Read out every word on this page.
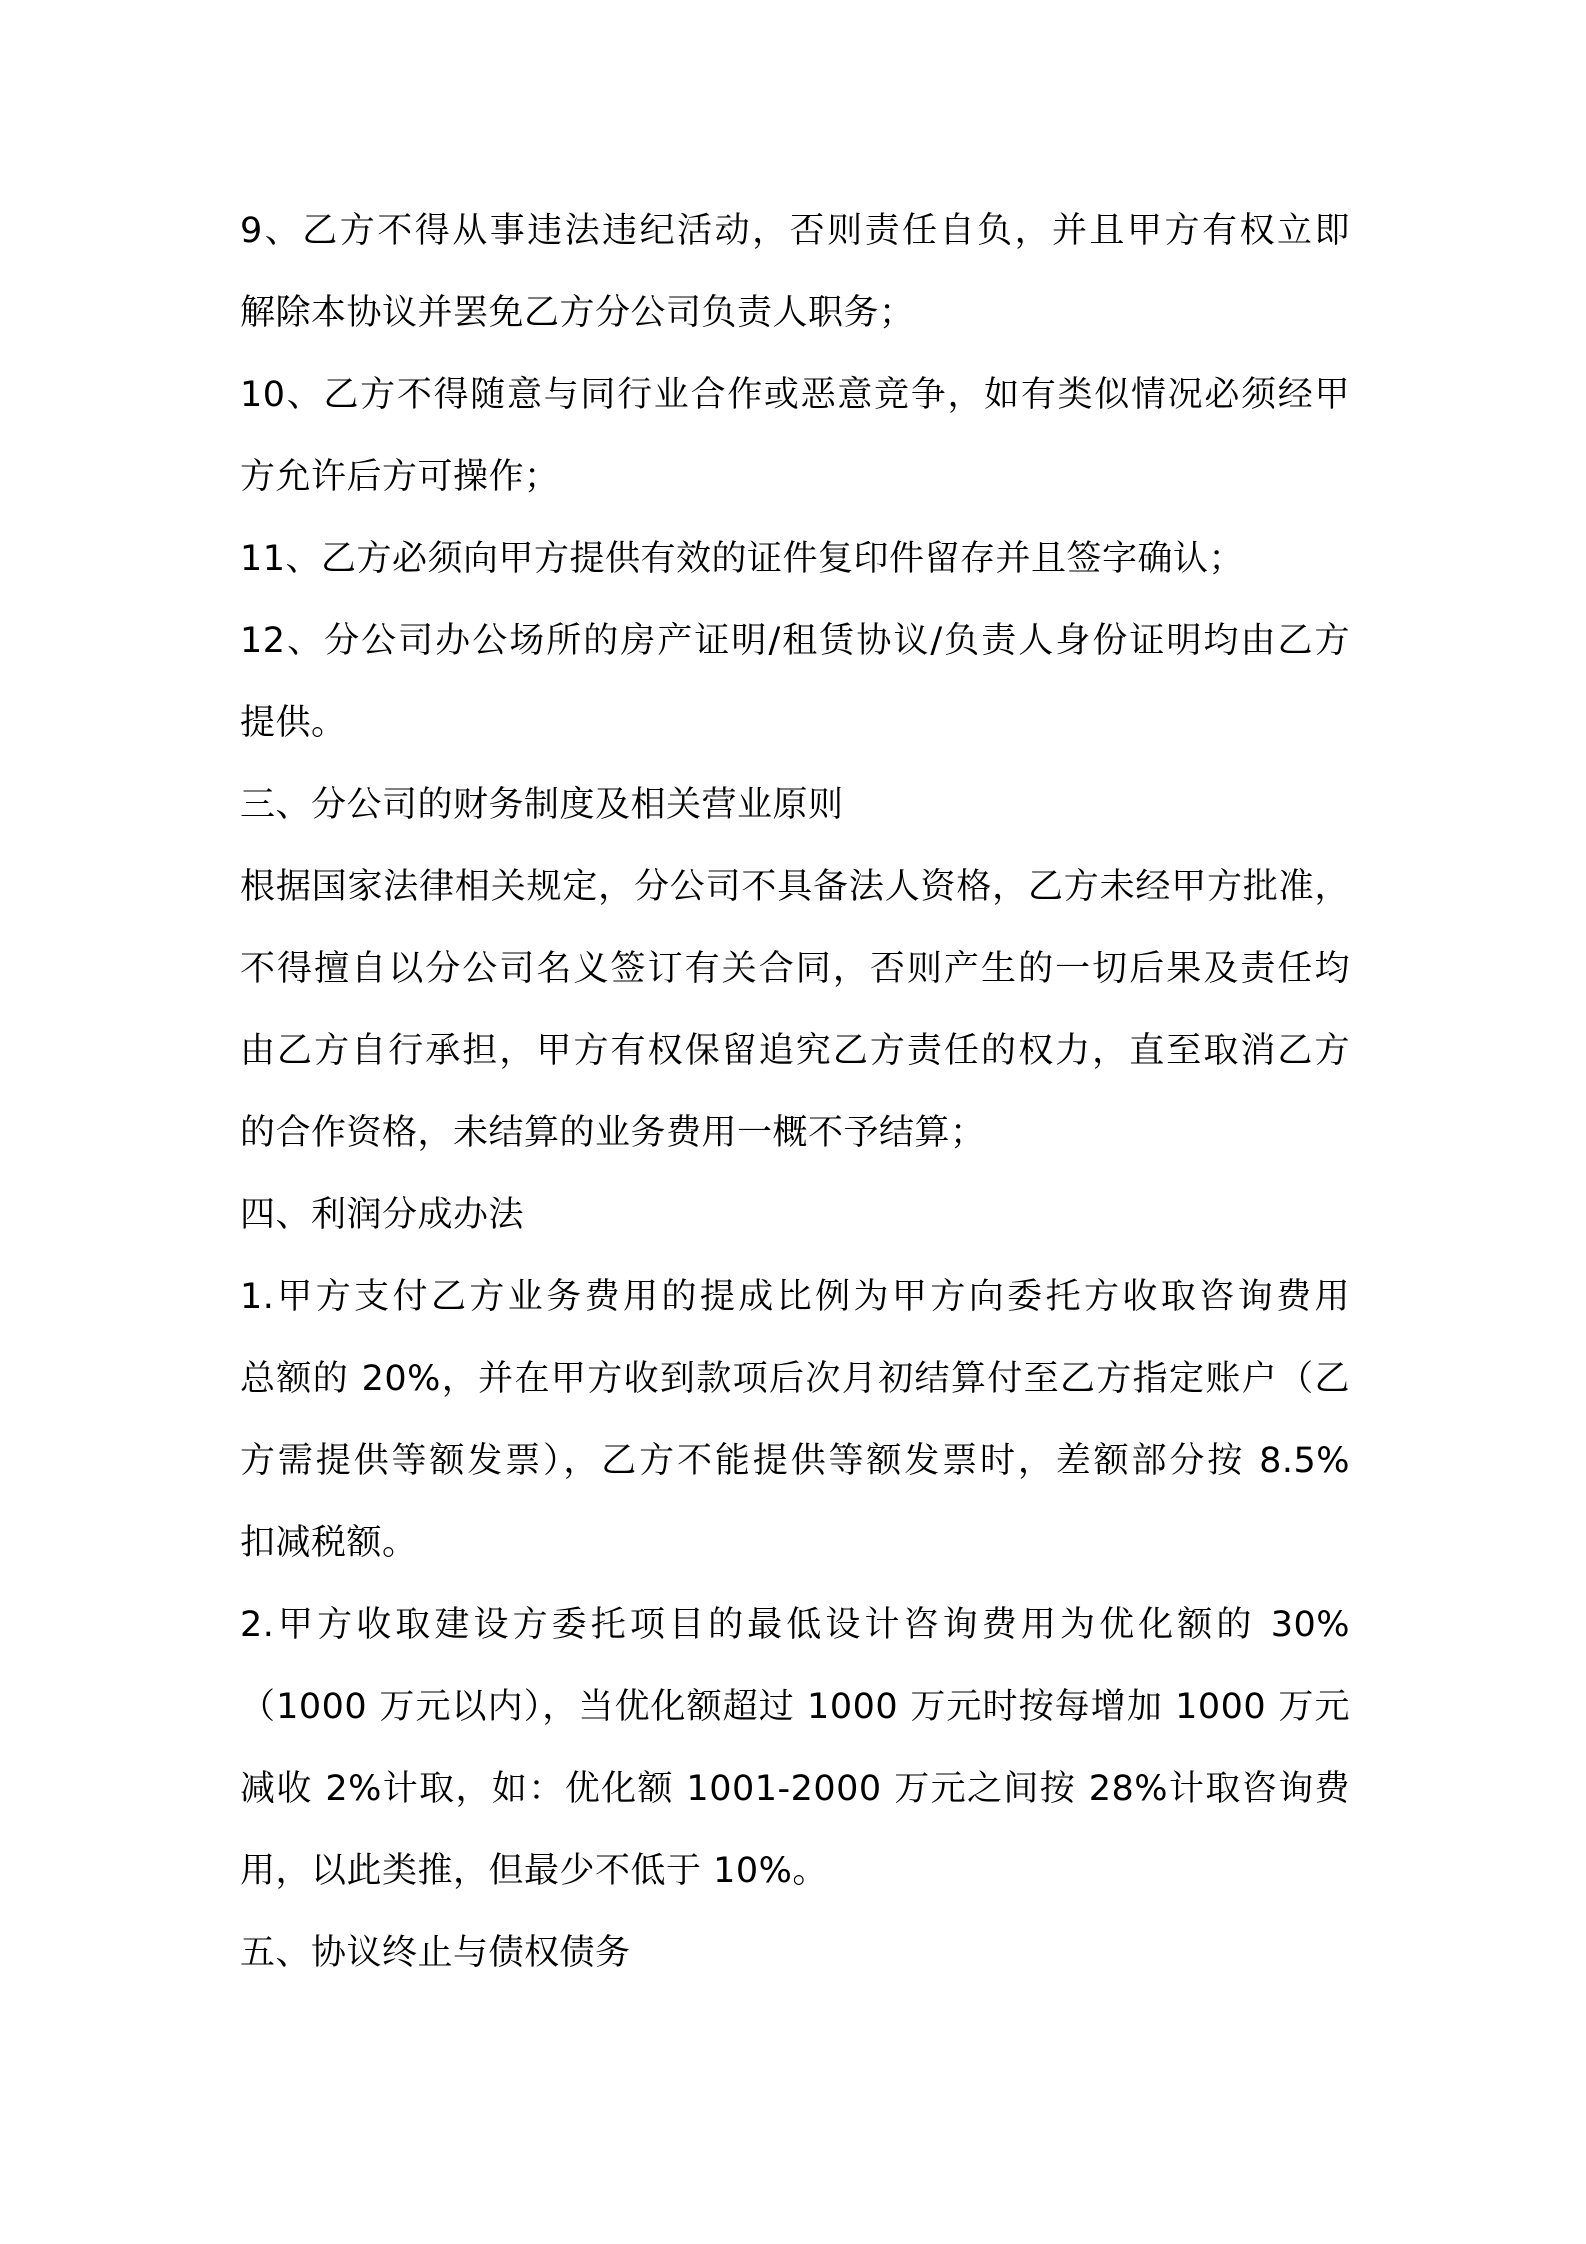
9、乙方不得从事违法违纪活动，否则责任自负，并且甲方有权立即
解除本协议并罢免乙方分公司负责人职务；
10、乙方不得随意与同行业合作或恶意竞争，如有类似情况必须经甲
方允许后方可操作；
11、乙方必须向甲方提供有效的证件复印件留存并且签字确认；
12、分公司办公场所的房产证明/租赁协议/负责人身份证明均由乙方
提供。
三、分公司的财务制度及相关营业原则
根据国家法律相关规定，分公司不具备法人资格，乙方未经甲方批准，
不得擅自以分公司名义签订有关合同，否则产生的一切后果及责任均
由乙方自行承担，甲方有权保留追究乙方责任的权力，直至取消乙方
的合作资格，未结算的业务费用一概不予结算；
四、利润分成办法
1.甲方支付乙方业务费用的提成比例为甲方向委托方收取咨询费用
总额的 20%，并在甲方收到款项后次月初结算付至乙方指定账户（乙
方需提供等额发票），乙方不能提供等额发票时，差额部分按 8.5%
扣减税额。
2.甲方收取建设方委托项目的最低设计咨询费用为优化额的 30%
（1000 万元以内），当优化额超过 1000 万元时按每增加 1000 万元
减收 2%计取，如：优化额 1001-2000 万元之间按 28%计取咨询费
用，以此类推，但最少不低于 10%。
五、协议终止与债权债务
